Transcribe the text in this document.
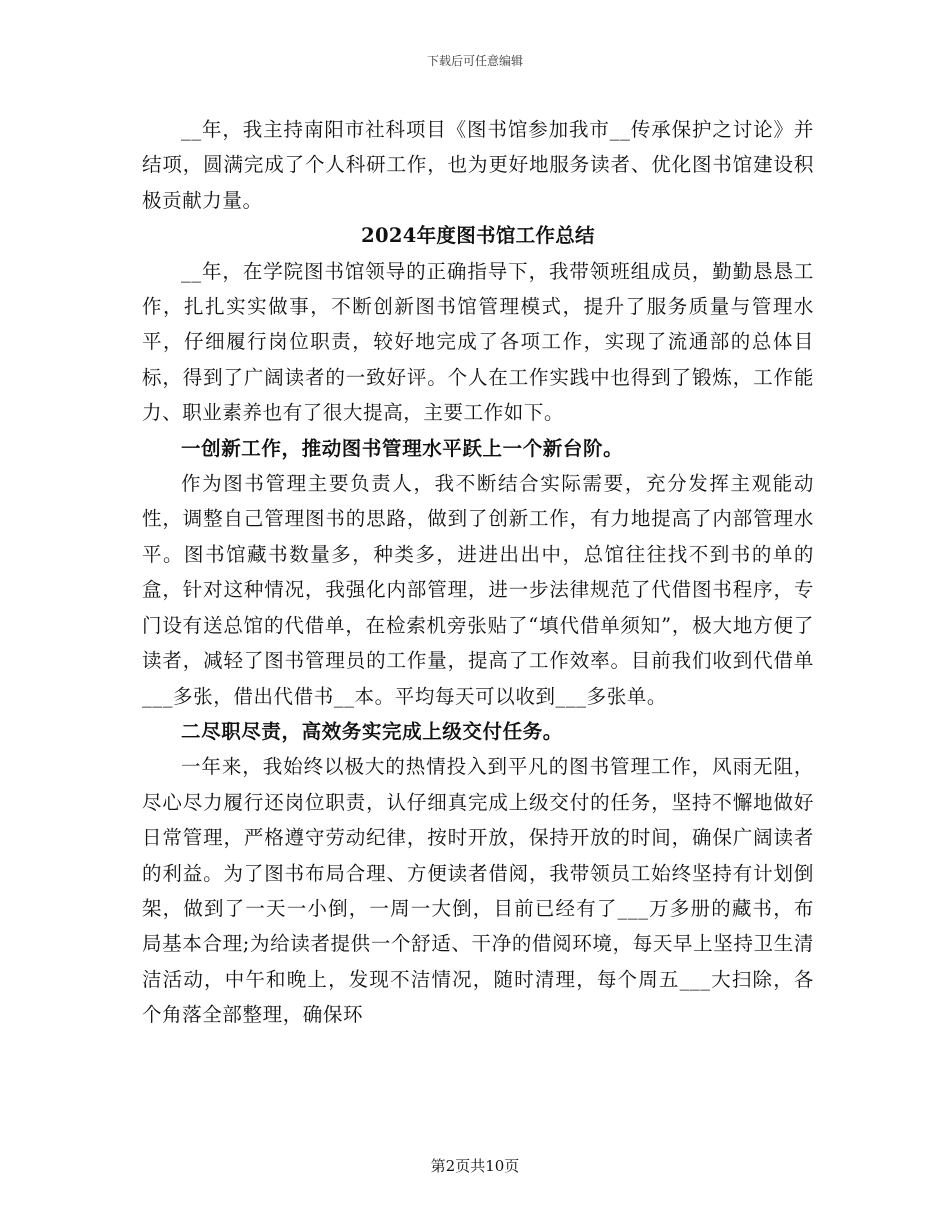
下载后可任意编辑

__年，我主持南阳市社科项目《图书馆参加我市__传承保护之讨论》并结项，圆满完成了个人科研工作，也为更好地服务读者、优化图书馆建设积极贡献力量。

2024年度图书馆工作总结

__年，在学院图书馆领导的正确指导下，我带领班组成员，勤勤恳恳工作，扎扎实实做事，不断创新图书馆管理模式，提升了服务质量与管理水平，仔细履行岗位职责，较好地完成了各项工作，实现了流通部的总体目标，得到了广阔读者的一致好评。个人在工作实践中也得到了锻炼，工作能力、职业素养也有了很大提高，主要工作如下。

一创新工作，推动图书管理水平跃上一个新台阶。

作为图书管理主要负责人，我不断结合实际需要，充分发挥主观能动性，调整自己管理图书的思路，做到了创新工作，有力地提高了内部管理水平。图书馆藏书数量多，种类多，进进出出中，总馆往往找不到书的单的盒，针对这种情况，我强化内部管理，进一步法律规范了代借图书程序，专门设有送总馆的代借单，在检索机旁张贴了“填代借单须知”，极大地方便了读者，减轻了图书管理员的工作量，提高了工作效率。目前我们收到代借单___多张，借出代借书__本。平均每天可以收到___多张单。

二尽职尽责，高效务实完成上级交付任务。

一年来，我始终以极大的热情投入到平凡的图书管理工作，风雨无阻，尽心尽力履行还岗位职责，认仔细真完成上级交付的任务，坚持不懈地做好日常管理，严格遵守劳动纪律，按时开放，保持开放的时间，确保广阔读者的利益。为了图书布局合理、方便读者借阅，我带领员工始终坚持有计划倒架，做到了一天一小倒，一周一大倒，目前已经有了___万多册的藏书，布局基本合理;为给读者提供一个舒适、干净的借阅环境，每天早上坚持卫生清洁活动，中午和晚上，发现不洁情况，随时清理，每个周五___大扫除，各个角落全部整理，确保环

第2页共10页
